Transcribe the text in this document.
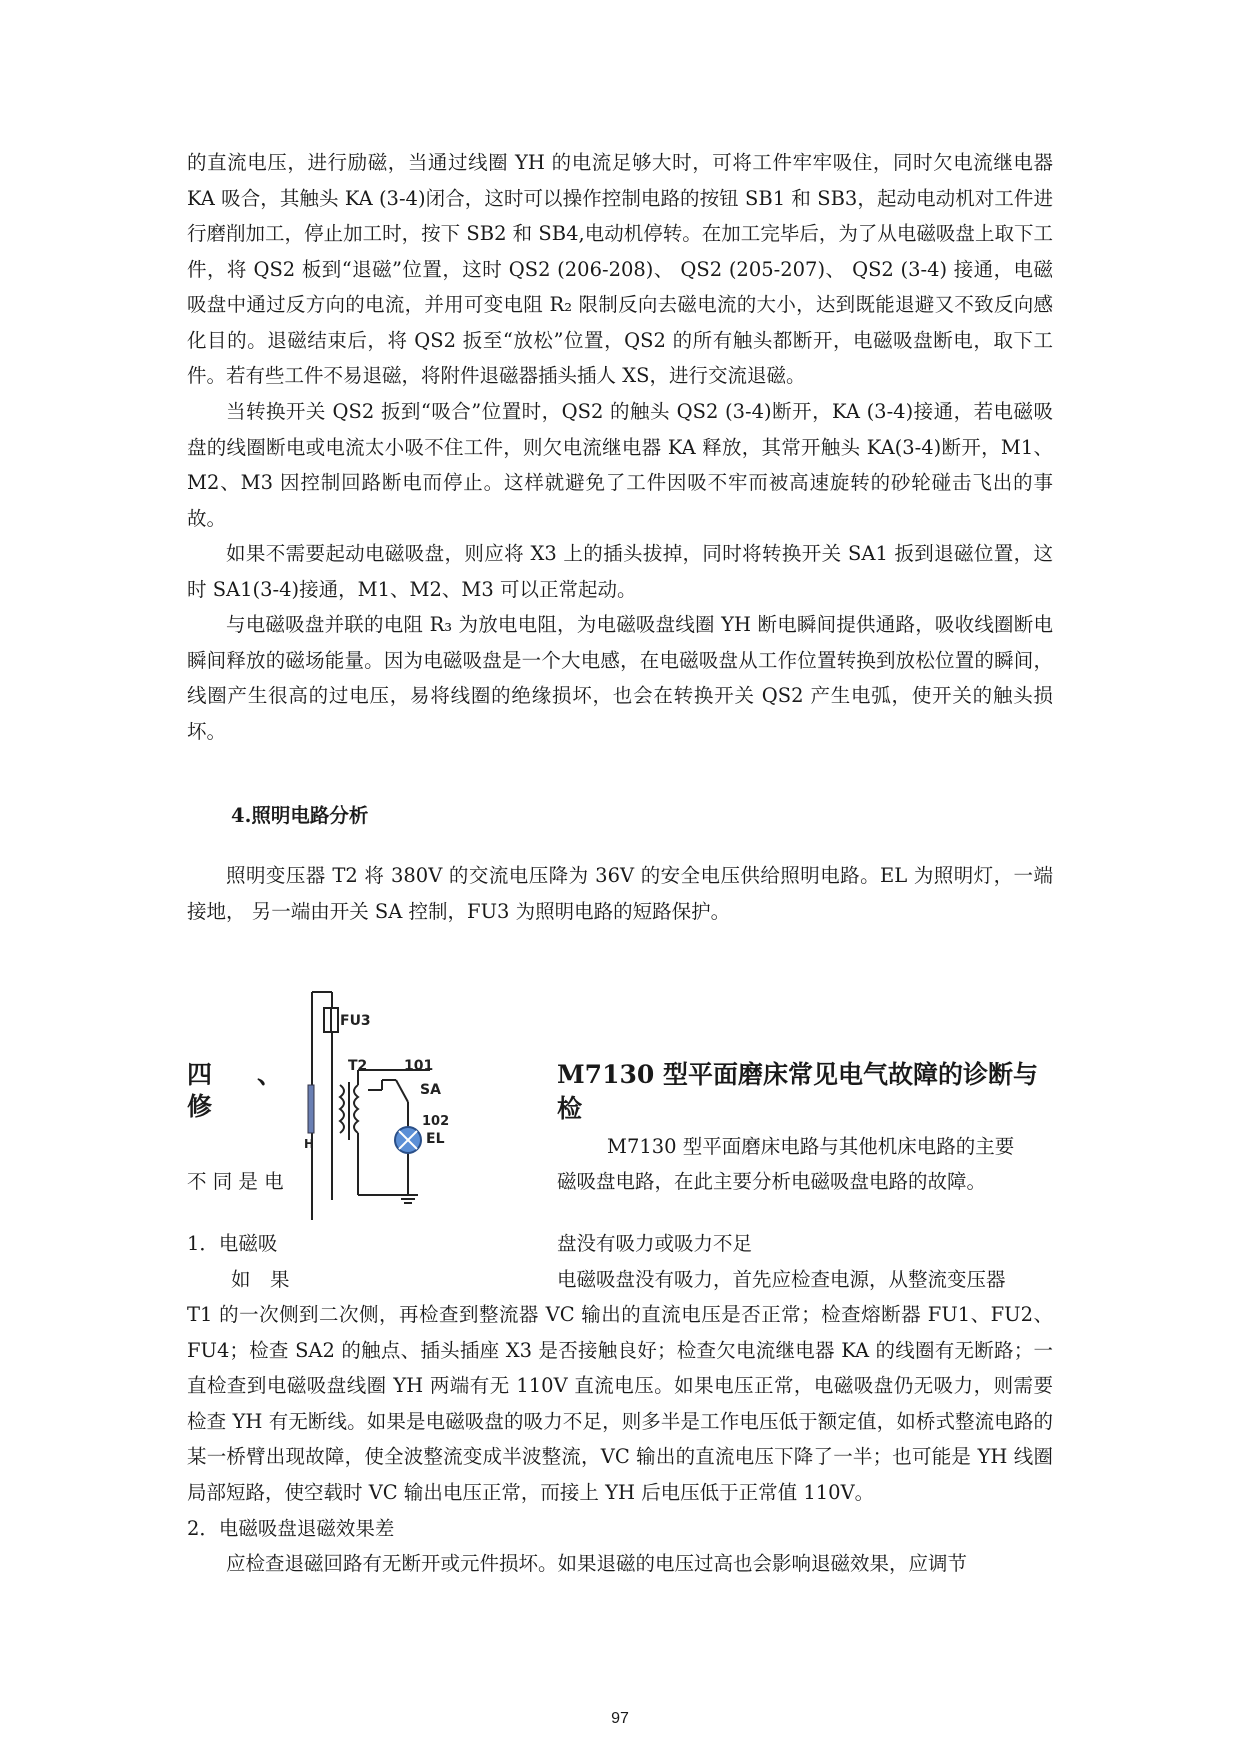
的直流电压，进行励磁，当通过线圈 YH 的电流足够大时，可将工件牢牢吸住，同时欠电流继电器 KA 吸合，其触头 KA (3-4)闭合，这时可以操作控制电路的按钮 SB1 和 SB3，起动电动机对工件进行磨削加工，停止加工时，按下 SB2 和 SB4,电动机停转。在加工完毕后，为了从电磁吸盘上取下工件，将 QS2 板到“退磁”位置，这时 QS2 (206-208)、 QS2 (205-207)、 QS2 (3-4) 接通，电磁吸盘中通过反方向的电流，并用可变电阻 R₂ 限制反向去磁电流的大小，达到既能退避又不致反向感化目的。退磁结束后，将 QS2 扳至“放松”位置，QS2 的所有触头都断开，电磁吸盘断电，取下工件。若有些工件不易退磁，将附件退磁器插头插人 XS，进行交流退磁。

当转换开关 QS2 扳到“吸合”位置时，QS2 的触头 QS2 (3-4)断开，KA (3-4)接通，若电磁吸盘的线圈断电或电流太小吸不住工件，则欠电流继电器 KA 释放，其常开触头 KA(3-4)断开，M1、M2、M3 因控制回路断电而停止。这样就避免了工件因吸不牢而被高速旋转的砂轮碰击飞出的事故。

如果不需要起动电磁吸盘，则应将 X3 上的插头拔掉，同时将转换开关 SA1 扳到退磁位置，这时 SA1(3-4)接通，M1、M2、M3 可以正常起动。

与电磁吸盘并联的电阻 R₃ 为放电电阻，为电磁吸盘线圈 YH 断电瞬间提供通路，吸收线圈断电瞬间释放的磁场能量。因为电磁吸盘是一个大电感，在电磁吸盘从工作位置转换到放松位置的瞬间，线圈产生很高的过电压，易将线圈的绝缘损坏，也会在转换开关 QS2 产生电弧，使开关的触头损坏。

4.照明电路分析

照明变压器 T2 将 380V 的交流电压降为 36V 的安全电压供给照明电路。EL 为照明灯，一端接地， 另一端由开关 SA 控制，FU3 为照明电路的短路保护。

FU3
T2	101
SA
102
EL
H

四 、	M7130 型平面磨床常见电气故障的诊断与检

修

M7130 型平面磨床电路与其他机床电路的主要

不 同 是 电	磁吸盘电路，在此主要分析电磁吸盘电路的故障。

1．电磁吸	盘没有吸力或吸力不足

如　果	电磁吸盘没有吸力，首先应检查电源，从整流变压器

T1 的一次侧到二次侧，再检查到整流器 VC 输出的直流电压是否正常；检查熔断器 FU1、FU2、FU4；检查 SA2 的触点、插头插座 X3 是否接触良好；检查欠电流继电器 KA 的线圈有无断路；一直检查到电磁吸盘线圈 YH 两端有无 110V 直流电压。如果电压正常，电磁吸盘仍无吸力，则需要检查 YH 有无断线。如果是电磁吸盘的吸力不足，则多半是工作电压低于额定值，如桥式整流电路的某一桥臂出现故障，使全波整流变成半波整流，VC 输出的直流电压下降了一半；也可能是 YH 线圈局部短路，使空载时 VC 输出电压正常，而接上 YH 后电压低于正常值 110V。

2．电磁吸盘退磁效果差

应检查退磁回路有无断开或元件损坏。如果退磁的电压过高也会影响退磁效果，应调节

97
